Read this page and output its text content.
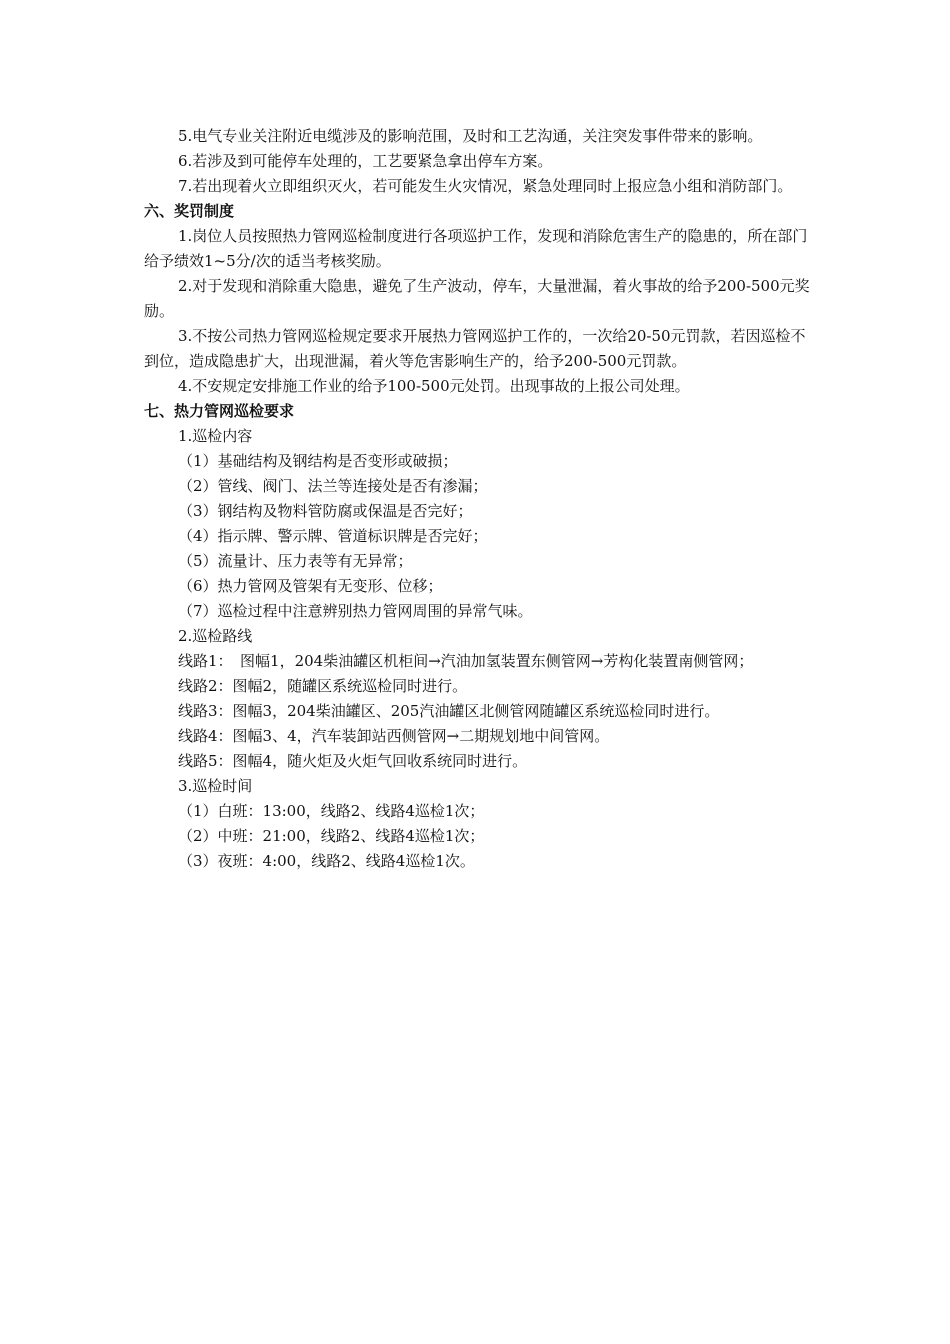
5.电气专业关注附近电缆涉及的影响范围，及时和工艺沟通，关注突发事件带来的影响。

6.若涉及到可能停车处理的，工艺要紧急拿出停车方案。

7.若出现着火立即组织灭火，若可能发生火灾情况，紧急处理同时上报应急小组和消防部门。

六、奖罚制度

1.岗位人员按照热力管网巡检制度进行各项巡护工作，发现和消除危害生产的隐患的，所在部门给予绩效1~5分/次的适当考核奖励。

2.对于发现和消除重大隐患，避免了生产波动，停车，大量泄漏，着火事故的给予200-500元奖励。

3.不按公司热力管网巡检规定要求开展热力管网巡护工作的，一次给20-50元罚款，若因巡检不到位，造成隐患扩大，出现泄漏，着火等危害影响生产的，给予200-500元罚款。

4.不安规定安排施工作业的给予100-500元处罚。出现事故的上报公司处理。

七、热力管网巡检要求

1.巡检内容

（1）基础结构及钢结构是否变形或破损；

（2）管线、阀门、法兰等连接处是否有渗漏；

（3）钢结构及物料管防腐或保温是否完好；

（4）指示牌、警示牌、管道标识牌是否完好；

（5）流量计、压力表等有无异常；

（6）热力管网及管架有无变形、位移；

（7）巡检过程中注意辨别热力管网周围的异常气味。

2.巡检路线

线路1：　图幅1，204柴油罐区机柜间→汽油加氢装置东侧管网→芳构化装置南侧管网；

线路2：图幅2，随罐区系统巡检同时进行。

线路3：图幅3，204柴油罐区、205汽油罐区北侧管网随罐区系统巡检同时进行。

线路4：图幅3、4，汽车装卸站西侧管网→二期规划地中间管网。

线路5：图幅4，随火炬及火炬气回收系统同时进行。

3.巡检时间

（1）白班：13:00，线路2、线路4巡检1次；

（2）中班：21:00，线路2、线路4巡检1次；

（3）夜班：4:00，线路2、线路4巡检1次。
